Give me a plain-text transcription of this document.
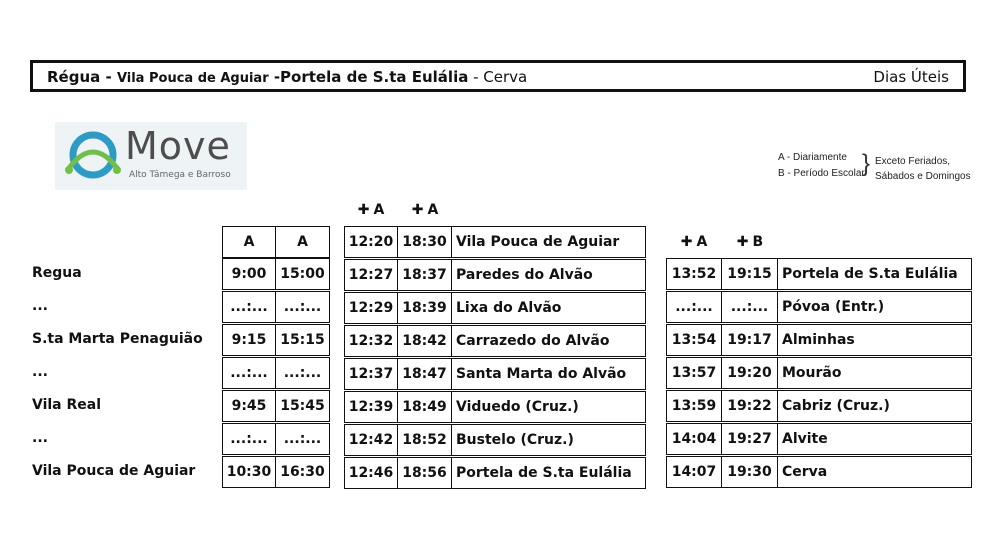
Régua - Vila Pouca de Aguiar -Portela de S.ta Eulália - Cerva	Dias Úteis
Move
Alto Tâmega e Barroso
A - Diariamente
B - Período Escolar
} Exceto Feriados,
Sábados e Domingos
A	A
✚ A	✚ A
✚ A	✚ B
Regua	9:00 15:00
...	...:...	...:...
S.ta Marta Penaguião	9:15 15:15
...	...:...	...:...
Vila Real	9:45 15:45
...	...:...	...:...
Vila Pouca de Aguiar	10:30 16:30
12:20 18:30 Vila Pouca de Aguiar
12:27 18:37 Paredes do Alvão
12:29 18:39 Lixa do Alvão
12:32 18:42 Carrazedo do Alvão
12:37 18:47 Santa Marta do Alvão
12:39 18:49 Viduedo (Cruz.)
12:42 18:52 Bustelo (Cruz.)
12:46 18:56 Portela de S.ta Eulália
13:52 19:15 Portela de S.ta Eulália
...:...	...:... Póvoa (Entr.)
13:54 19:17 Alminhas
13:57 19:20 Mourão
13:59 19:22 Cabriz (Cruz.)
14:04 19:27 Alvite
14:07 19:30 Cerva
